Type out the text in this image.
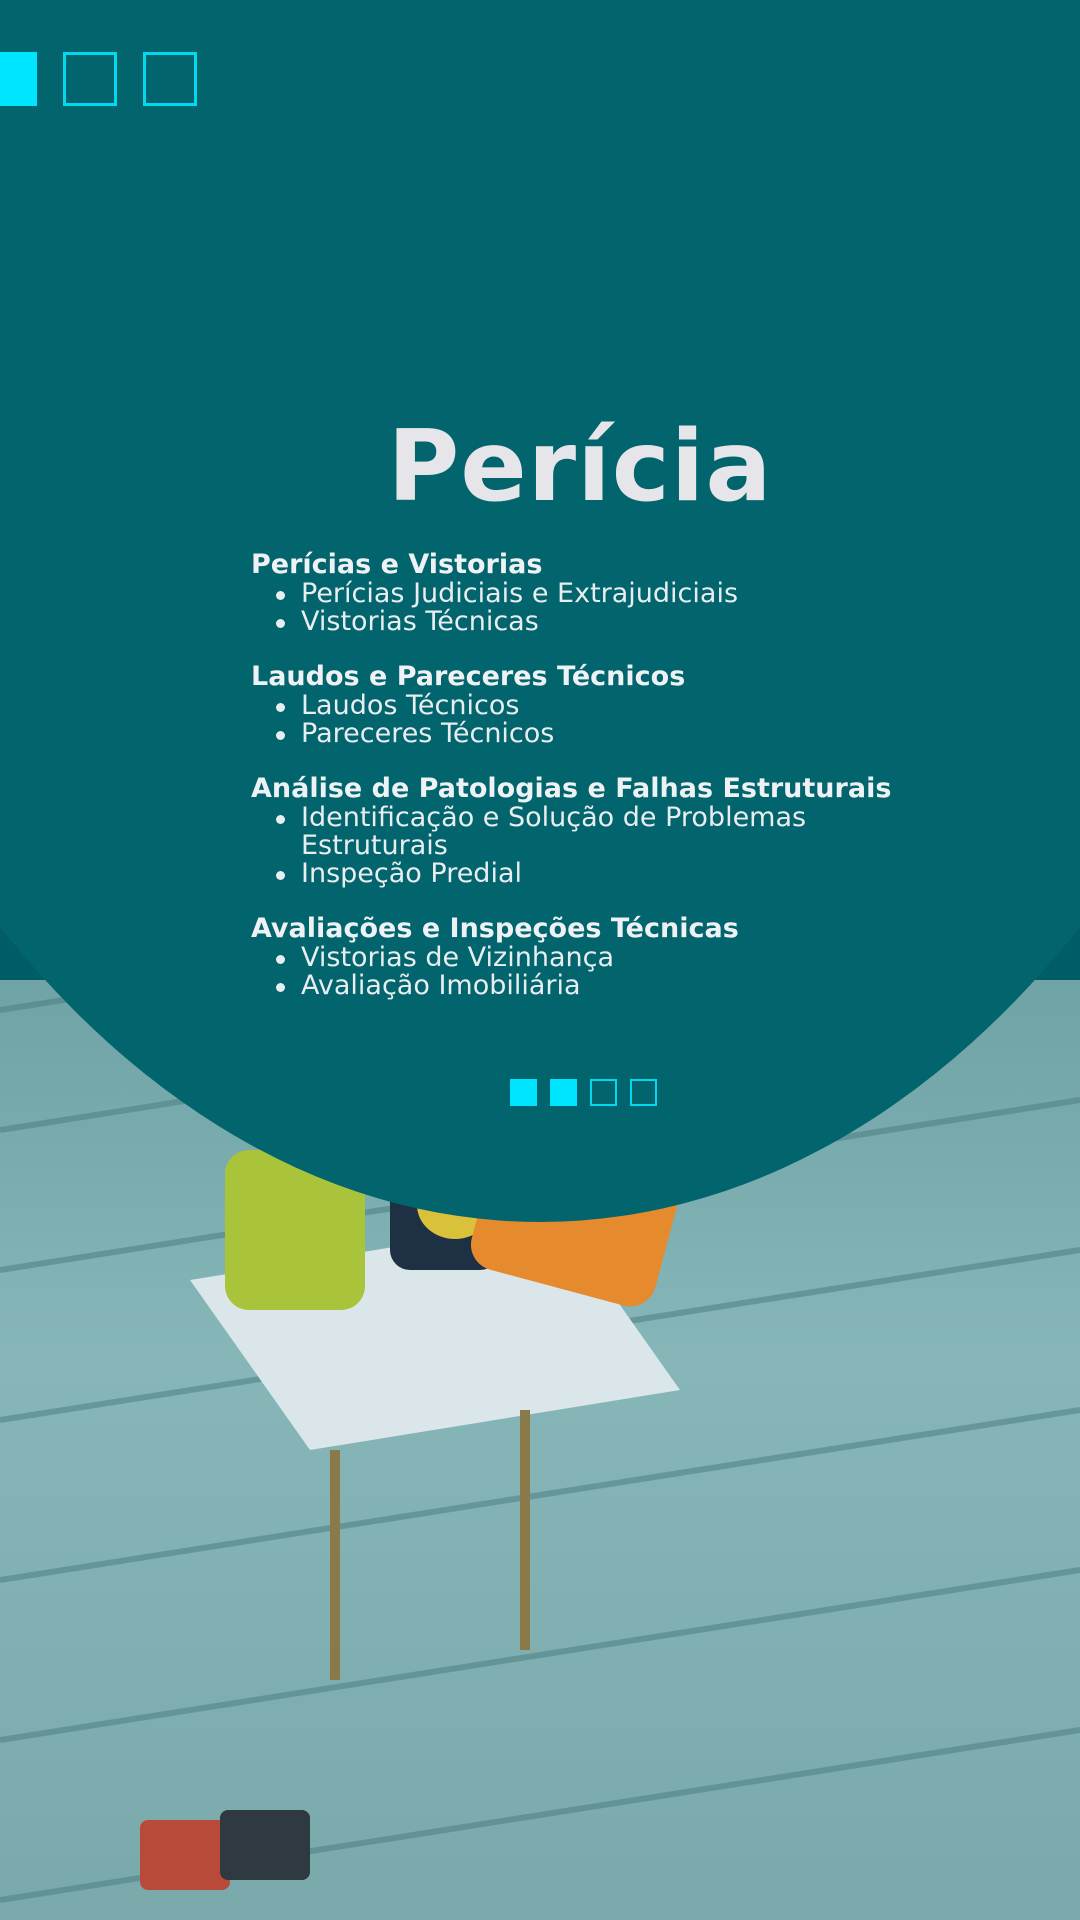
Perícia
Perícias e Vistorias
Perícias Judiciais e Extrajudiciais
Vistorias Técnicas
Laudos e Pareceres Técnicos
Laudos Técnicos
Pareceres Técnicos
Análise de Patologias e Falhas Estruturais
Identificação e Solução de Problemas Estruturais
Inspeção Predial
Avaliações e Inspeções Técnicas
Vistorias de Vizinhança
Avaliação Imobiliária
